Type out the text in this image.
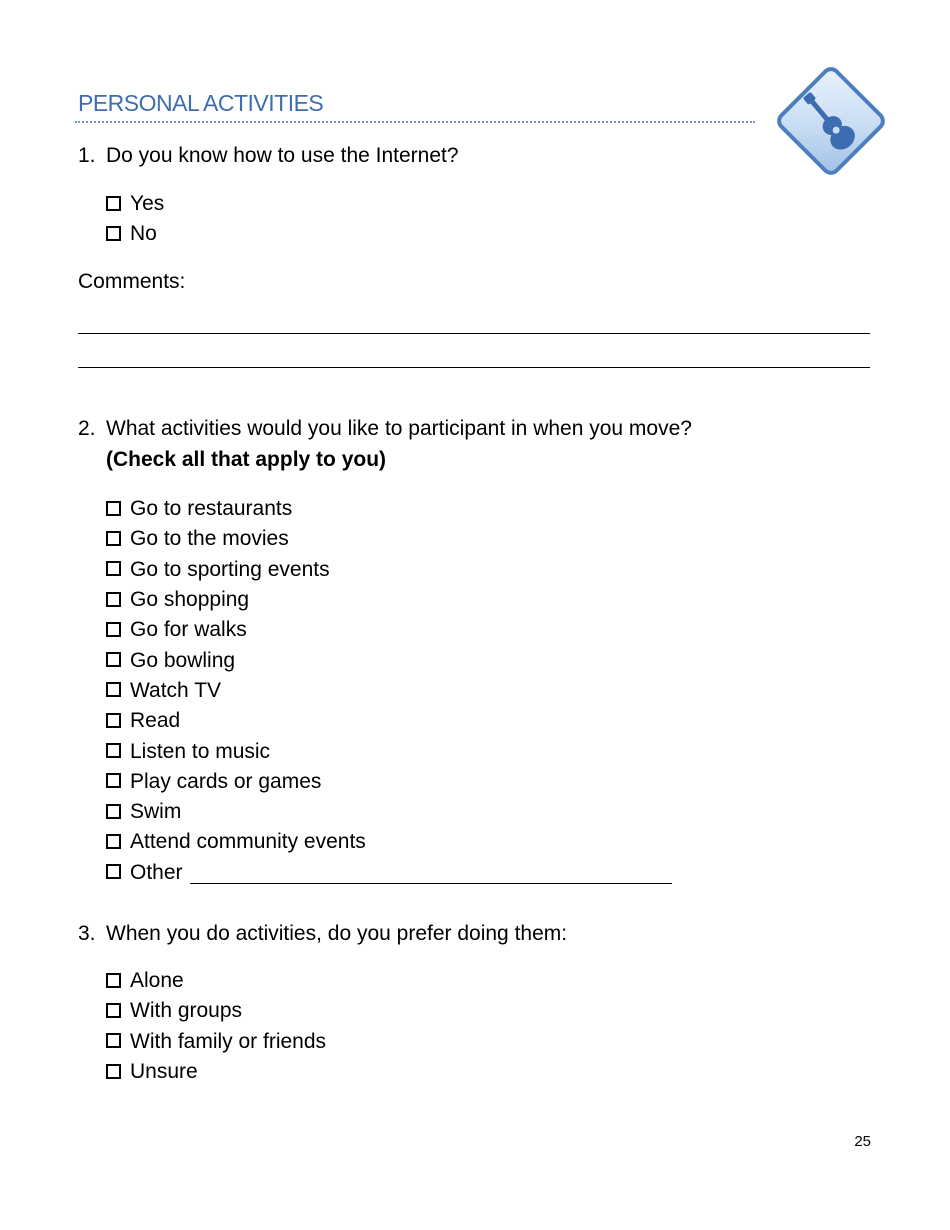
PERSONAL ACTIVITIES
1. Do you know how to use the Internet?
Yes
No
Comments:
2. What activities would you like to participant in when you move?
(Check all that apply to you)
Go to restaurants
Go to the movies
Go to sporting events
Go shopping
Go for walks
Go bowling
Watch TV
Read
Listen to music
Play cards or games
Swim
Attend community events
Other
3. When you do activities, do you prefer doing them:
Alone
With groups
With family or friends
Unsure
25
